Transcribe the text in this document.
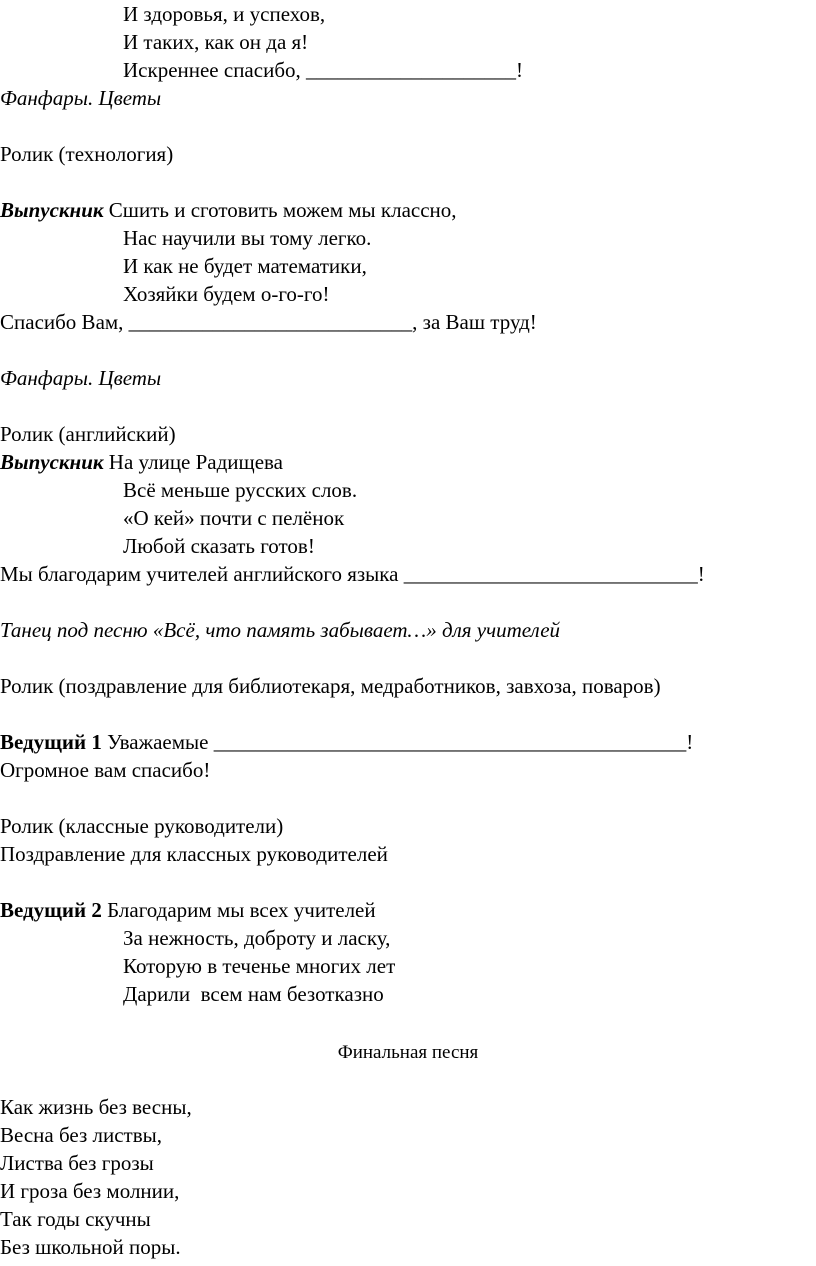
И здоровья, и успехов,
И таких, как он да я!
Искреннее спасибо, ____________________!
Фанфары. Цветы
Ролик (технология)
Выпускник Сшить и сготовить можем мы классно,
Нас научили вы тому легко.
И как не будет математики,
Хозяйки будем о-го-го!
Спасибо Вам, ___________________________, за Ваш труд!
Фанфары. Цветы
Ролик (английский)
Выпускник На улице Радищева
Всё меньше русских слов.
«О кей» почти с пелёнок
Любой сказать готов!
Мы благодарим учителей английского языка ____________________________!
Танец под песню «Всё, что память забывает…» для учителей
Ролик (поздравление для библиотекаря, медработников, завхоза, поваров)
Ведущий 1 Уважаемые _____________________________________________!
Огромное вам спасибо!
Ролик (классные руководители)
Поздравление для классных руководителей
Ведущий 2 Благодарим мы всех учителей
За нежность, доброту и ласку,
Которую в теченье многих лет
Дарили  всем нам безотказно
Финальная песня
Как жизнь без весны,
Весна без листвы,
Листва без грозы
И гроза без молнии,
Так годы скучны
Без школьной поры.
